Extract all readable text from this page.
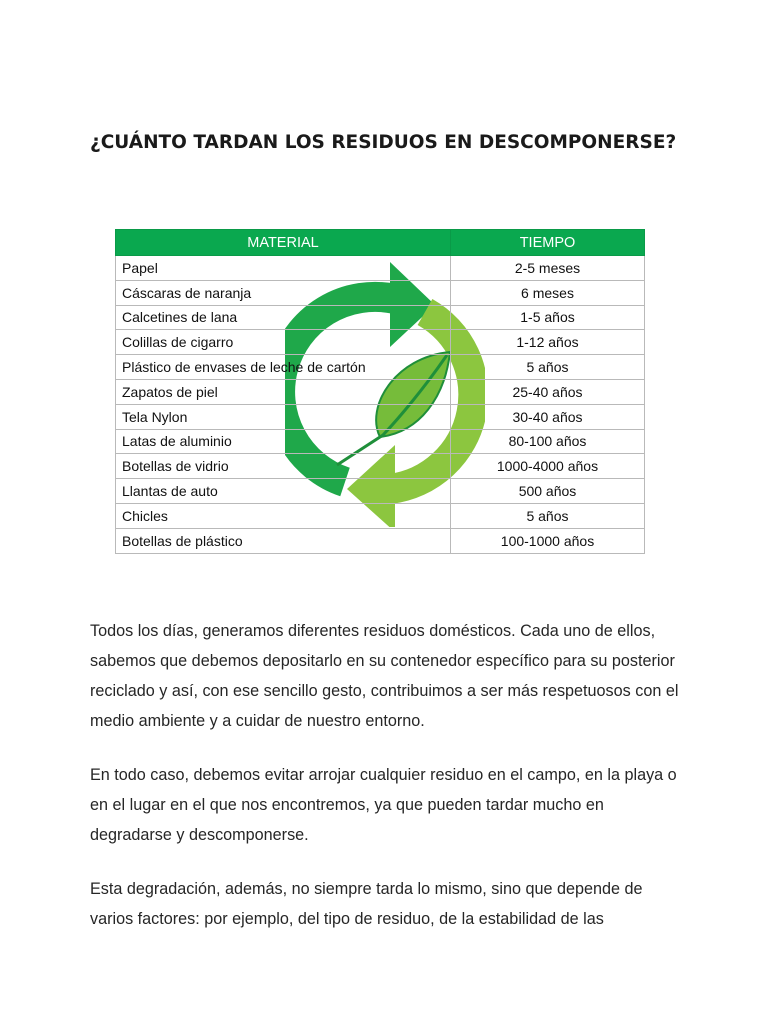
¿CUÁNTO TARDAN LOS RESIDUOS EN DESCOMPONERSE?
MATERIAL	TIEMPO
Papel	2-5 meses
Cáscaras de naranja	6 meses
Calcetines de lana	1-5 años
Colillas de cigarro	1-12 años
Plástico de envases de leche de cartón	5 años
Zapatos de piel	25-40 años
Tela Nylon	30-40 años
Latas de aluminio	80-100 años
Botellas de vidrio	1000-4000 años
Llantas de auto	500 años
Chicles	5 años
Botellas de plástico	100-1000 años

Todos los días, generamos diferentes residuos domésticos. Cada uno de ellos, sabemos que debemos depositarlo en su contenedor específico para su posterior reciclado y así, con ese sencillo gesto, contribuimos a ser más respetuosos con el medio ambiente y a cuidar de nuestro entorno.

En todo caso, debemos evitar arrojar cualquier residuo en el campo, en la playa o en el lugar en el que nos encontremos, ya que pueden tardar mucho en degradarse y descomponerse.

Esta degradación, además, no siempre tarda lo mismo, sino que depende de varios factores: por ejemplo, del tipo de residuo, de la estabilidad de las
